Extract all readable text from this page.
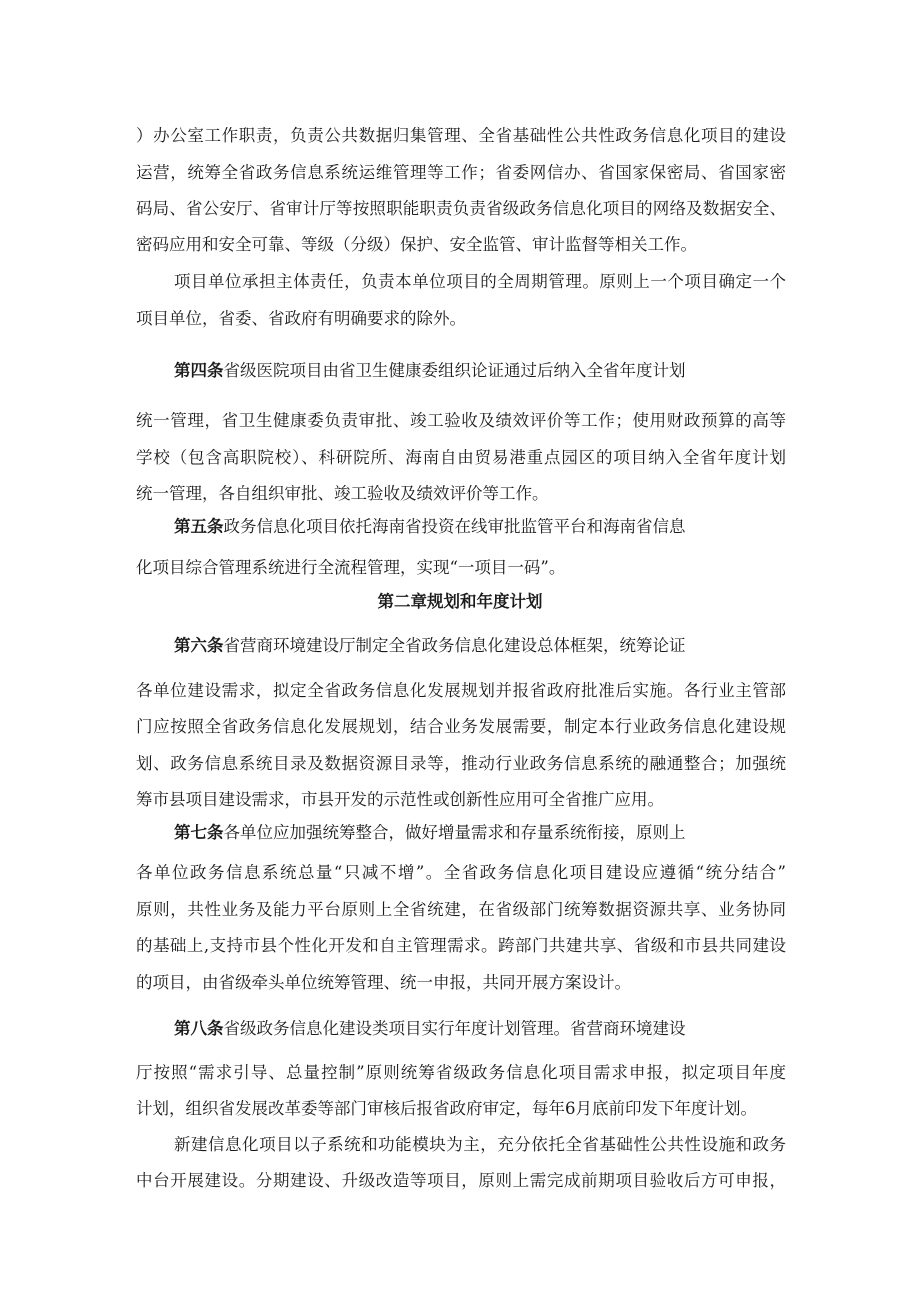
）办公室工作职责，负责公共数据归集管理、全省基础性公共性政务信息化项目的建设
运营，统筹全省政务信息系统运维管理等工作；省委网信办、省国家保密局、省国家密
码局、省公安厅、省审计厅等按照职能职责负责省级政务信息化项目的网络及数据安全、
密码应用和安全可靠、等级（分级）保护、安全监管、审计监督等相关工作。
项目单位承担主体责任，负责本单位项目的全周期管理。原则上一个项目确定一个
项目单位，省委、省政府有明确要求的除外。
第四条省级医院项目由省卫生健康委组织论证通过后纳入全省年度计划
统一管理，省卫生健康委负责审批、竣工验收及绩效评价等工作；使用财政预算的高等
学校（包含高职院校）、科研院所、海南自由贸易港重点园区的项目纳入全省年度计划
统一管理，各自组织审批、竣工验收及绩效评价等工作。
第五条政务信息化项目依托海南省投资在线审批监管平台和海南省信息
化项目综合管理系统进行全流程管理，实现“一项目一码”。
第二章规划和年度计划
第六条省营商环境建设厅制定全省政务信息化建设总体框架，统筹论证
各单位建设需求，拟定全省政务信息化发展规划并报省政府批准后实施。各行业主管部
门应按照全省政务信息化发展规划，结合业务发展需要，制定本行业政务信息化建设规
划、政务信息系统目录及数据资源目录等，推动行业政务信息系统的融通整合；加强统
筹市县项目建设需求，市县开发的示范性或创新性应用可全省推广应用。
第七条各单位应加强统筹整合，做好增量需求和存量系统衔接，原则上
各单位政务信息系统总量“只减不增”。全省政务信息化项目建设应遵循“统分结合”
原则，共性业务及能力平台原则上全省统建，在省级部门统筹数据资源共享、业务协同
的基础上,支持市县个性化开发和自主管理需求。跨部门共建共享、省级和市县共同建设
的项目，由省级牵头单位统筹管理、统一申报，共同开展方案设计。
第八条省级政务信息化建设类项目实行年度计划管理。省营商环境建设
厅按照“需求引导、总量控制”原则统筹省级政务信息化项目需求申报，拟定项目年度
计划，组织省发展改革委等部门审核后报省政府审定，每年6月底前印发下年度计划。
新建信息化项目以子系统和功能模块为主，充分依托全省基础性公共性设施和政务
中台开展建设。分期建设、升级改造等项目，原则上需完成前期项目验收后方可申报，
